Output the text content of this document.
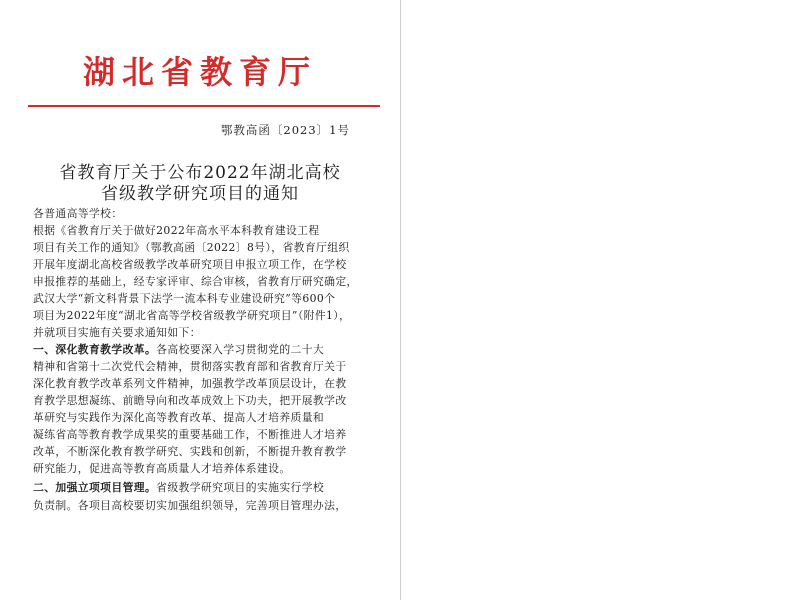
湖北省教育厅
鄂教高函〔2023〕1号
省教育厅关于公布2022年湖北高校
省级教学研究项目的通知
各普通高等学校：
根据《省教育厅关于做好2022年高水平本科教育建设工程
项目有关工作的通知》（鄂教高函〔2022〕8号），省教育厅组织
开展年度湖北高校省级教学改革研究项目申报立项工作，在学校
申报推荐的基础上，经专家评审、综合审核，省教育厅研究确定，
武汉大学“新文科背景下法学一流本科专业建设研究”等600个
项目为2022年度“湖北省高等学校省级教学研究项目”（附件1），
并就项目实施有关要求通知如下：
一、深化教育教学改革。各高校要深入学习贯彻党的二十大
精神和省第十二次党代会精神，贯彻落实教育部和省教育厅关于
深化教育教学改革系列文件精神，加强教学改革顶层设计，在教
育教学思想凝练、前瞻导向和改革成效上下功夫，把开展教学改
革研究与实践作为深化高等教育改革、提高人才培养质量和
凝练省高等教育教学成果奖的重要基础工作，不断推进人才培养
改革，不断深化教育教学研究、实践和创新，不断提升教育教学
研究能力，促进高等教育高质量人才培养体系建设。
二、加强立项项目管理。省级教学研究项目的实施实行学校
负责制。各项目高校要切实加强组织领导，完善项目管理办法，
